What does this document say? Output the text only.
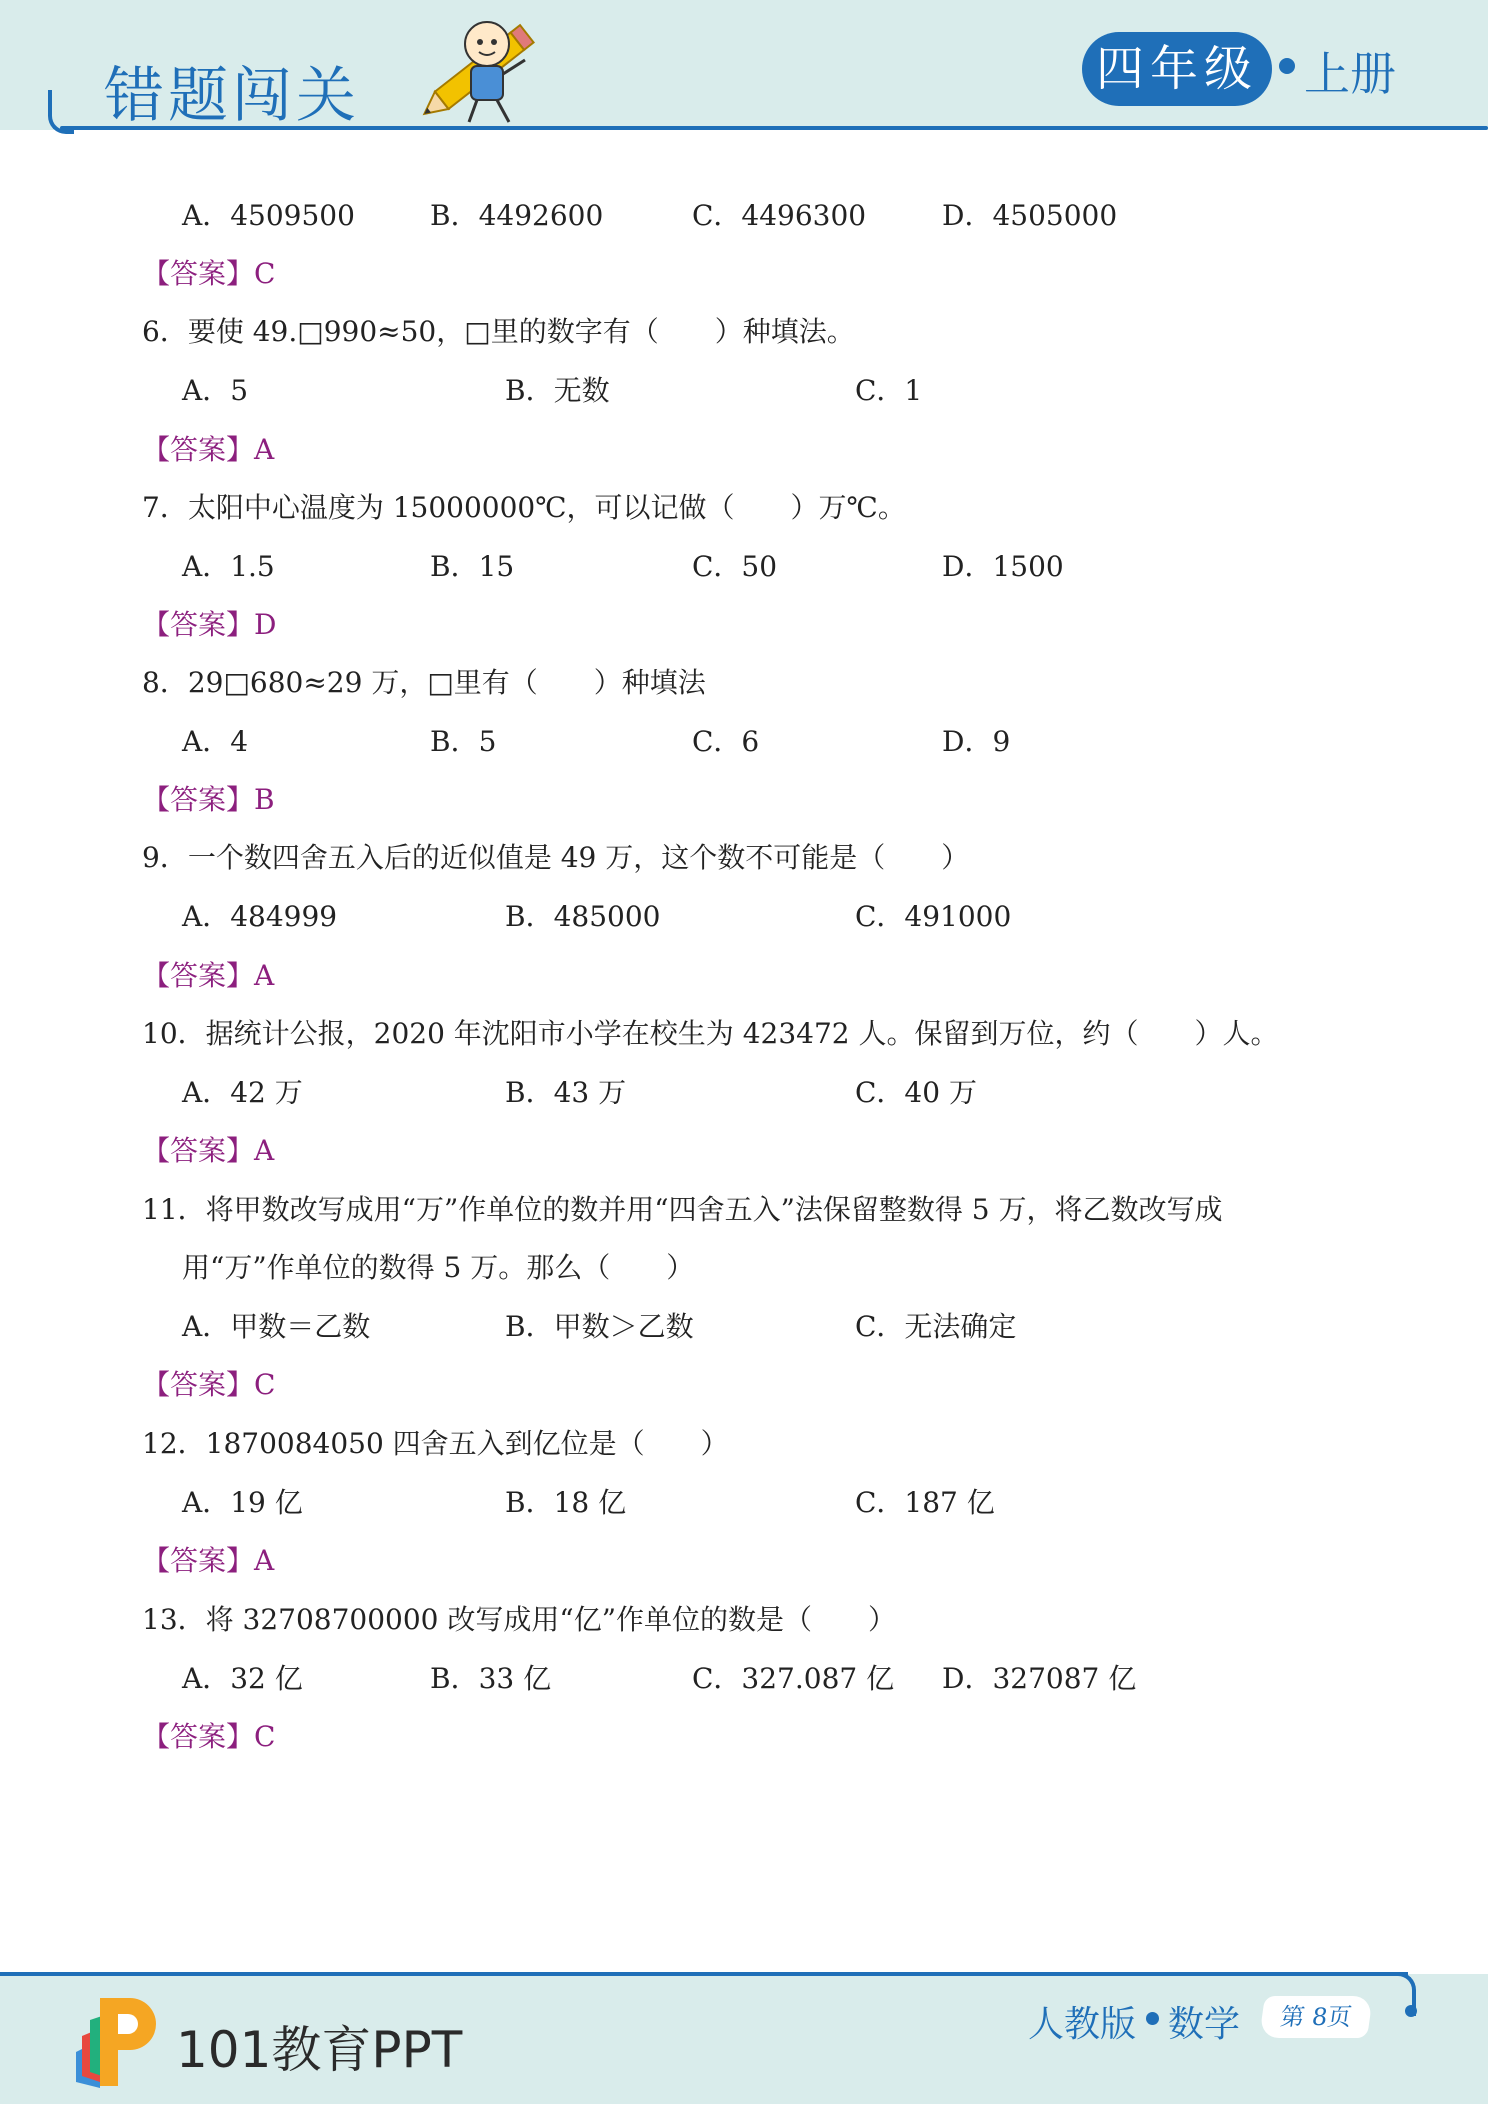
错题闯关	四年级	上册
A．4509500	B．4492600	C．4496300	D．4505000
【答案】C
6．要使 49.□990≈50，□里的数字有（　　）种填法。
A．5	B．无数	C．1
【答案】A
7．太阳中心温度为 15000000℃，可以记做（　　）万℃。
A．1.5	B．15	C．50	D．1500
【答案】D
8．29□680≈29 万，□里有（　　）种填法
A．4	B．5	C．6	D．9
【答案】B
9．一个数四舍五入后的近似值是 49 万，这个数不可能是（　　）
A．484999	B．485000	C．491000
【答案】A
10．据统计公报，2020 年沈阳市小学在校生为 423472 人。保留到万位，约（　　）人。
A．42 万	B．43 万	C．40 万
【答案】A
11．将甲数改写成用“万”作单位的数并用“四舍五入”法保留整数得 5 万，将乙数改写成
用“万”作单位的数得 5 万。那么（　　）
A．甲数＝乙数	B．甲数＞乙数	C．无法确定
【答案】C
12．1870084050 四舍五入到亿位是（　　）
A．19 亿	B．18 亿	C．187 亿
【答案】A
13．将 32708700000 改写成用“亿”作单位的数是（　　）
A．32 亿	B．33 亿	C．327.087 亿 D．327087 亿
【答案】C
101教育PPT	人教版 数学	第 8页
